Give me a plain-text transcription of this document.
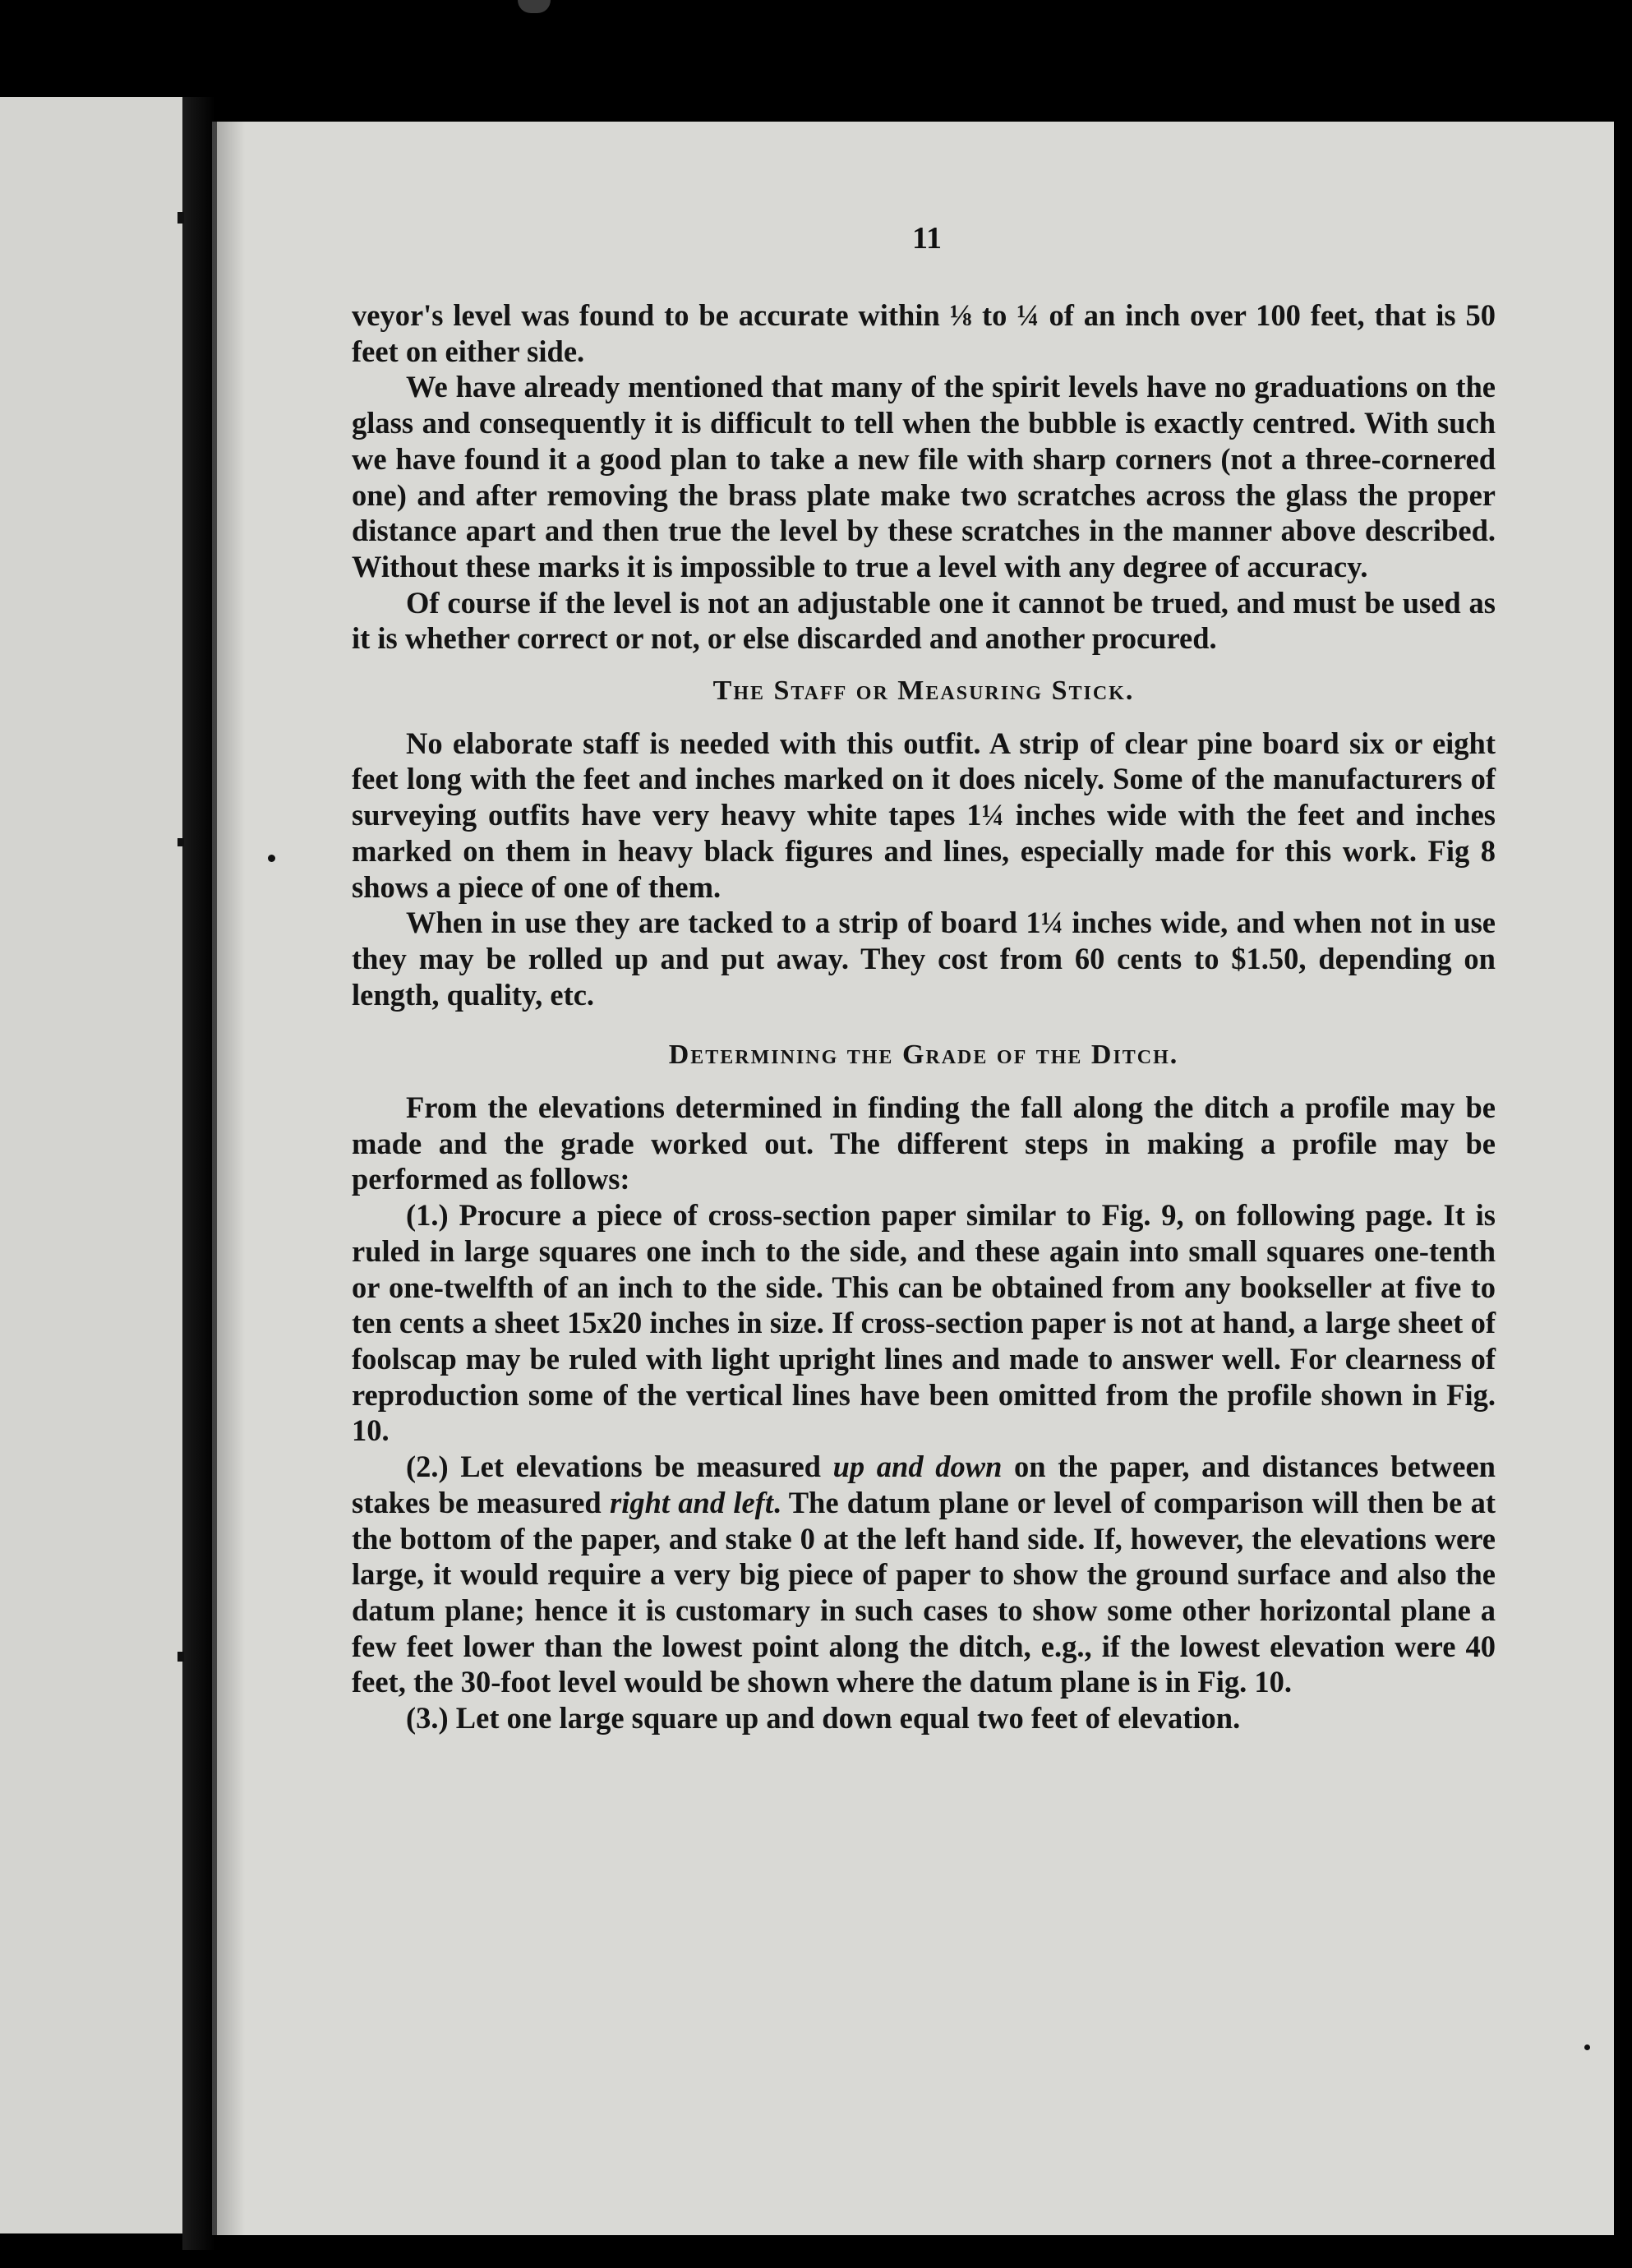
11

veyor's level was found to be accurate within ⅛ to ¼ of an inch over 100 feet, that is 50 feet on either side.

We have already mentioned that many of the spirit levels have no graduations on the glass and consequently it is difficult to tell when the bubble is exactly centred. With such we have found it a good plan to take a new file with sharp corners (not a three-cornered one) and after removing the brass plate make two scratches across the glass the proper distance apart and then true the level by these scratches in the manner above described. Without these marks it is impossible to true a level with any degree of accuracy.

Of course if the level is not an adjustable one it cannot be trued, and must be used as it is whether correct or not, or else discarded and another procured.

The Staff or Measuring Stick.

No elaborate staff is needed with this outfit. A strip of clear pine board six or eight feet long with the feet and inches marked on it does nicely. Some of the manufacturers of surveying outfits have very heavy white tapes 1¼ inches wide with the feet and inches marked on them in heavy black figures and lines, especially made for this work. Fig 8 shows a piece of one of them.

When in use they are tacked to a strip of board 1¼ inches wide, and when not in use they may be rolled up and put away. They cost from 60 cents to $1.50, depending on length, quality, etc.

Determining the Grade of the Ditch.

From the elevations determined in finding the fall along the ditch a profile may be made and the grade worked out. The different steps in making a profile may be performed as follows:

(1.) Procure a piece of cross-section paper similar to Fig. 9, on following page. It is ruled in large squares one inch to the side, and these again into small squares one-tenth or one-twelfth of an inch to the side. This can be obtained from any bookseller at five to ten cents a sheet 15x20 inches in size. If cross-section paper is not at hand, a large sheet of foolscap may be ruled with light upright lines and made to answer well. For clearness of reproduction some of the vertical lines have been omitted from the profile shown in Fig. 10.

(2.) Let elevations be measured up and down on the paper, and distances between stakes be measured right and left. The datum plane or level of comparison will then be at the bottom of the paper, and stake 0 at the left hand side. If, however, the elevations were large, it would require a very big piece of paper to show the ground surface and also the datum plane; hence it is customary in such cases to show some other horizontal plane a few feet lower than the lowest point along the ditch, e.g., if the lowest elevation were 40 feet, the 30-foot level would be shown where the datum plane is in Fig. 10.

(3.) Let one large square up and down equal two feet of elevation.
